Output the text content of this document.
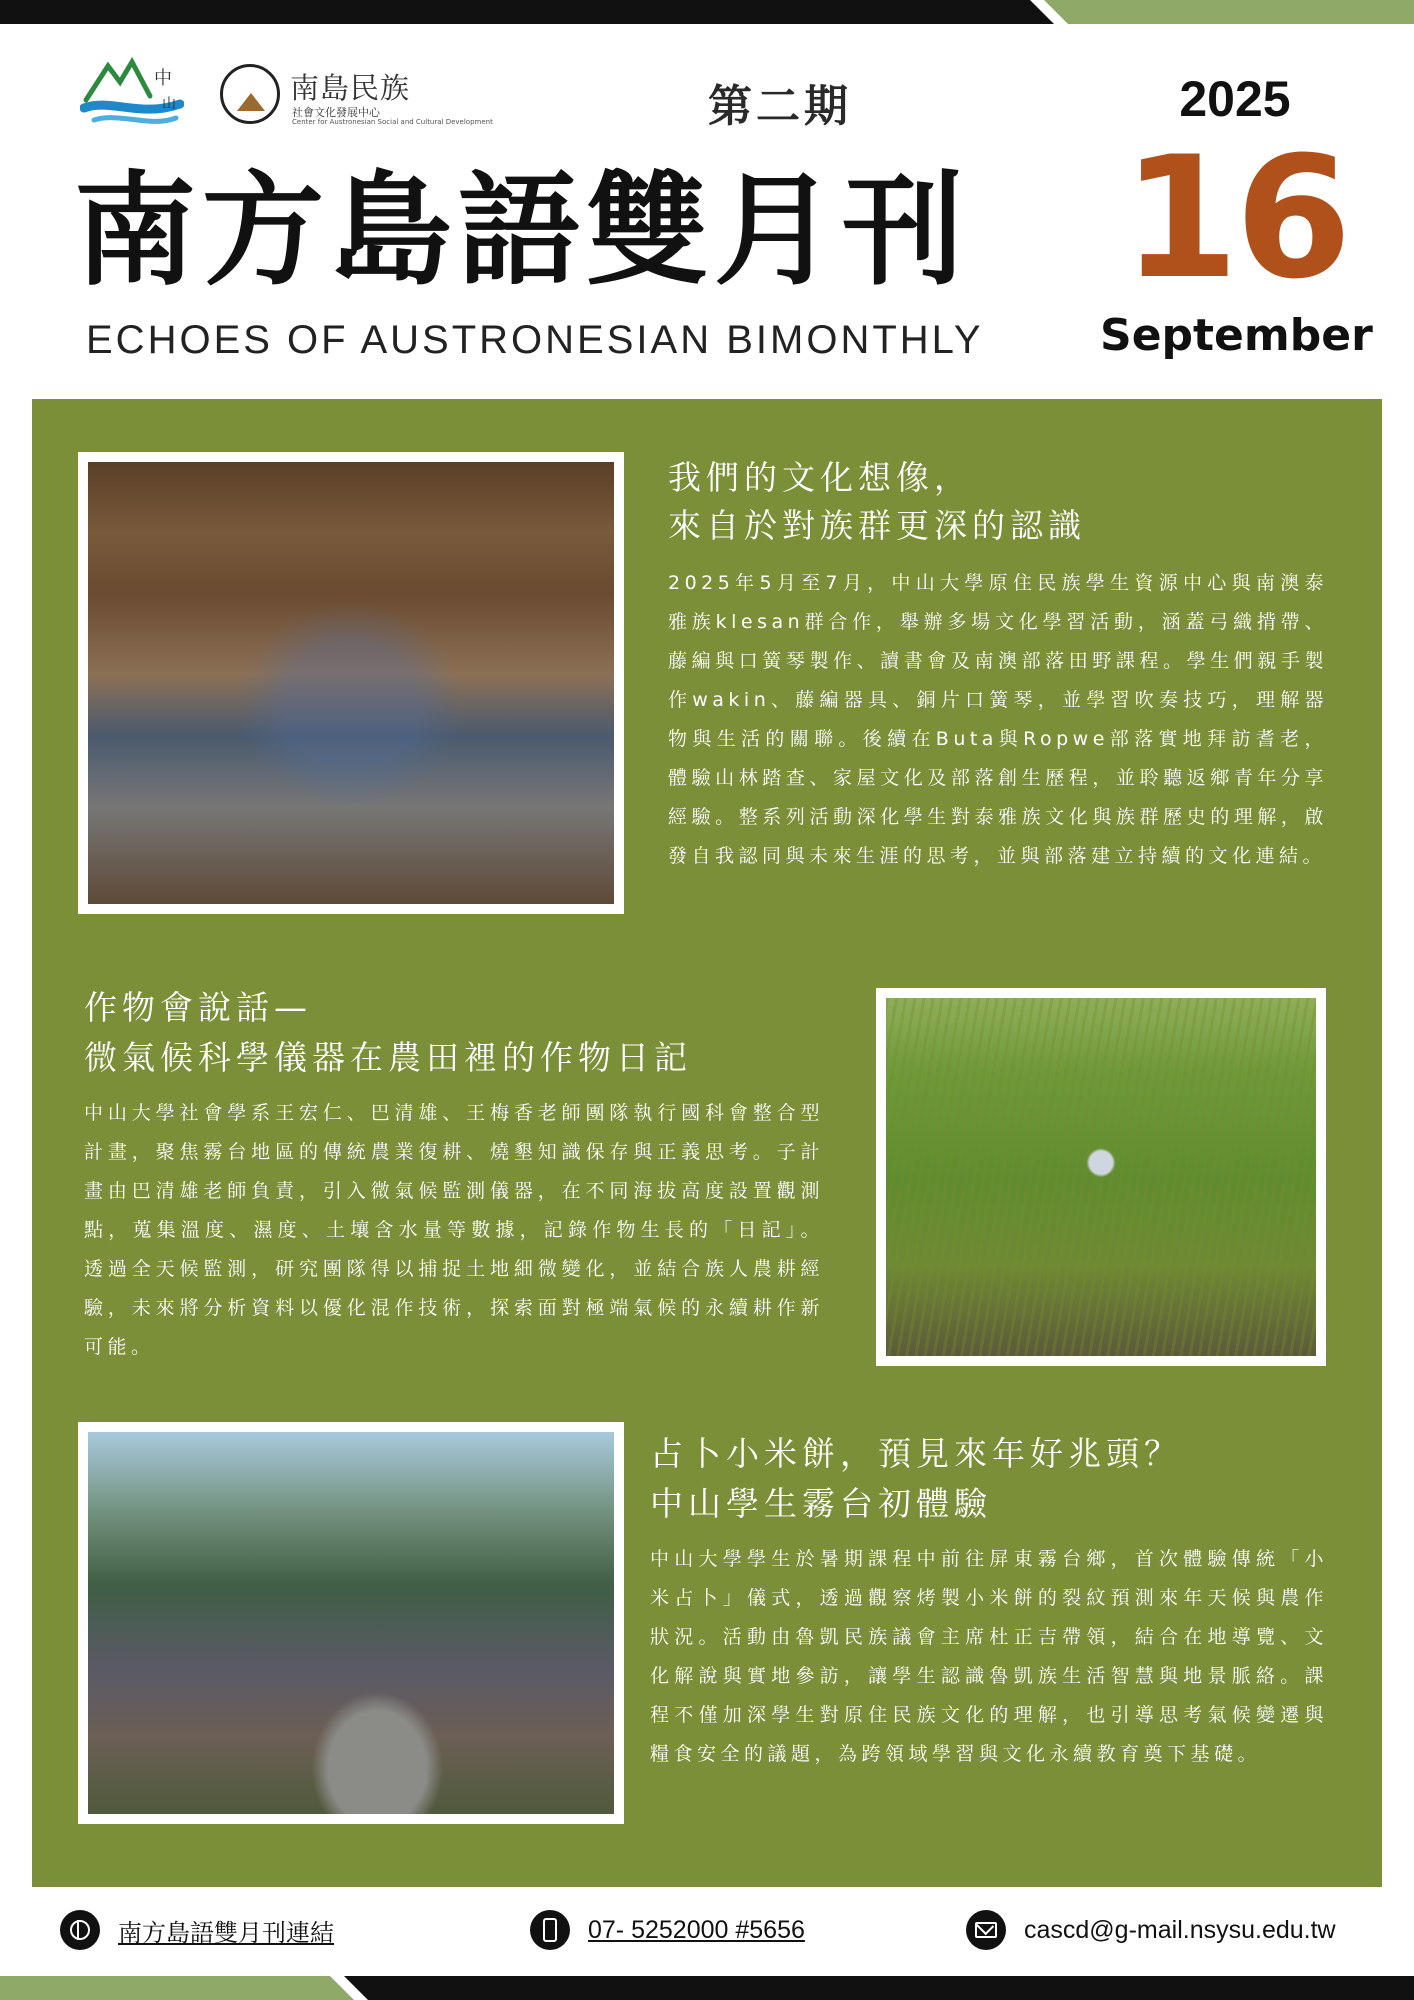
中
山	南島民族
社會文化發展中心
Center for Austronesian Social and Cultural Development	第二期
南方島語雙月刊
ECHOES OF AUSTRONESIAN BIMONTHLY
2025
16
September
我們的文化想像，
來自於對族群更深的認識
2025年5月至7月，中山大學原住民族學生資源中心與南澳泰雅族klesan群合作，舉辦多場文化學習活動，涵蓋弓織揹帶、藤編與口簧琴製作、讀書會及南澳部落田野課程。學生們親手製作wakin、藤編器具、銅片口簧琴，並學習吹奏技巧，理解器物與生活的關聯。後續在Buta與Ropwe部落實地拜訪耆老，體驗山林踏查、家屋文化及部落創生歷程，並聆聽返鄉青年分享經驗。整系列活動深化學生對泰雅族文化與族群歷史的理解，啟發自我認同與未來生涯的思考，並與部落建立持續的文化連結。
作物會說話—
微氣候科學儀器在農田裡的作物日記
中山大學社會學系王宏仁、巴清雄、王梅香老師團隊執行國科會整合型計畫，聚焦霧台地區的傳統農業復耕、燒墾知識保存與正義思考。子計畫由巴清雄老師負責，引入微氣候監測儀器，在不同海拔高度設置觀測點，蒐集溫度、濕度、土壤含水量等數據，記錄作物生長的「日記」。透過全天候監測，研究團隊得以捕捉土地細微變化，並結合族人農耕經驗，未來將分析資料以優化混作技術，探索面對極端氣候的永續耕作新可能。
占卜小米餅，預見來年好兆頭？
中山學生霧台初體驗
中山大學學生於暑期課程中前往屏東霧台鄉，首次體驗傳統「小米占卜」儀式，透過觀察烤製小米餅的裂紋預測來年天候與農作狀況。活動由魯凱民族議會主席杜正吉帶領，結合在地導覽、文化解說與實地參訪，讓學生認識魯凱族生活智慧與地景脈絡。課程不僅加深學生對原住民族文化的理解，也引導思考氣候變遷與糧食安全的議題，為跨領域學習與文化永續教育奠下基礎。
南方島語雙月刊連結	07- 5252000 #5656	cascd@g-mail.nsysu.edu.tw
